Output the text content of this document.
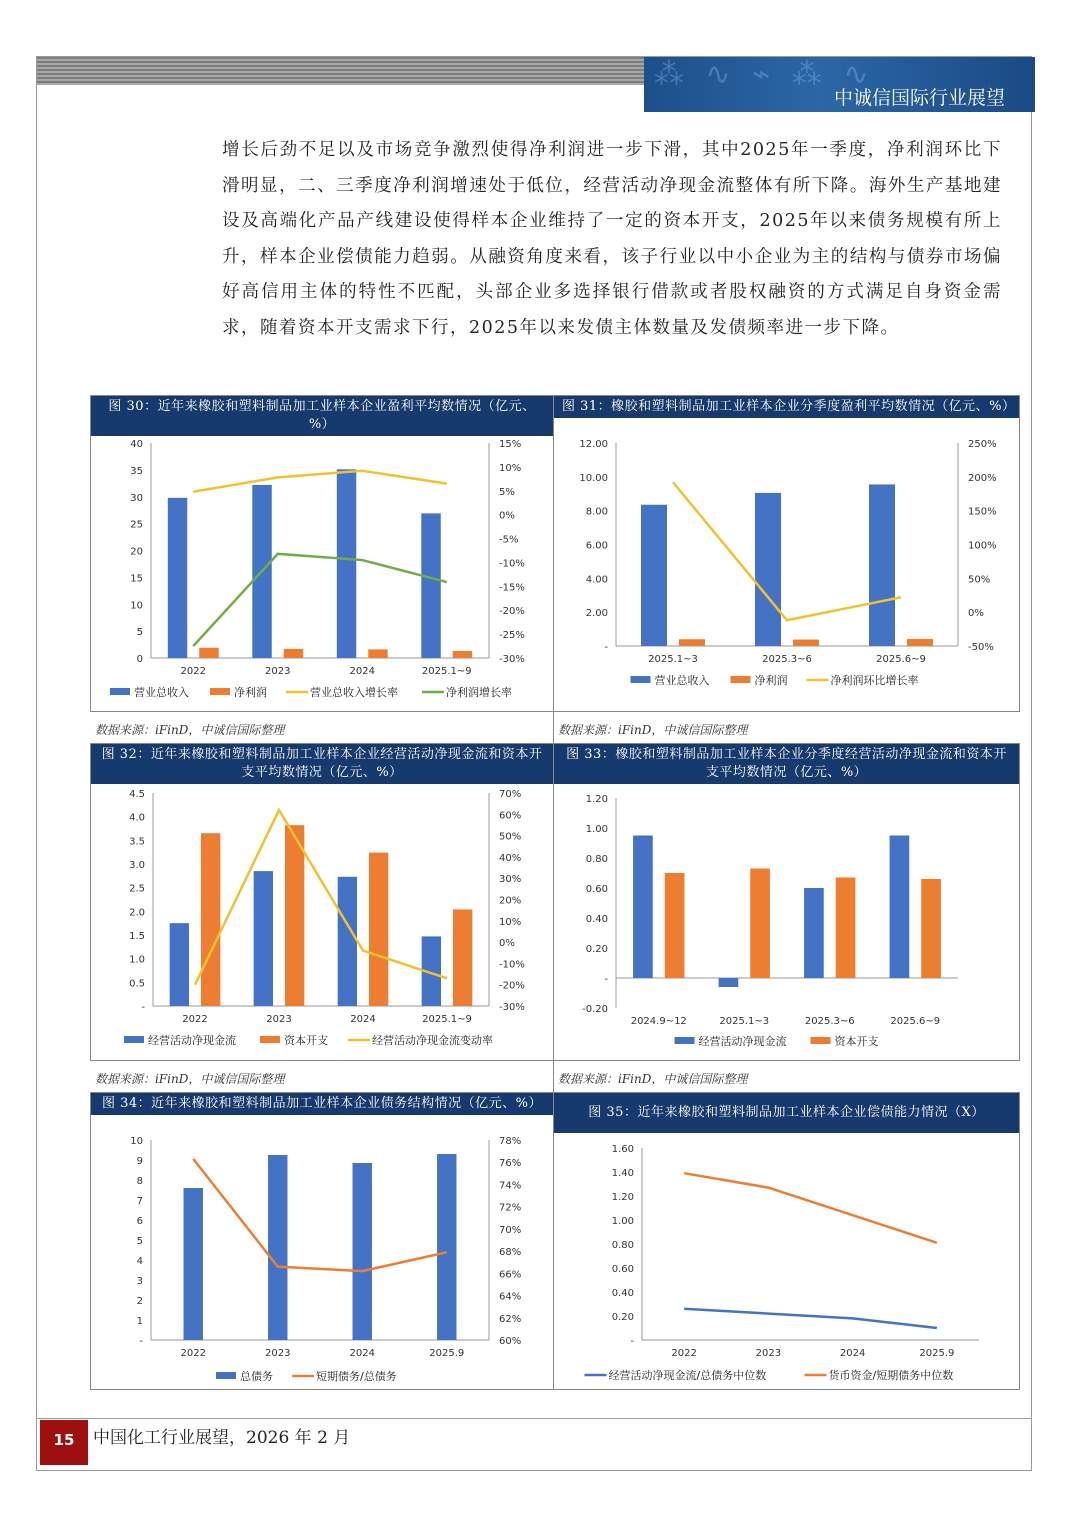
⁂ ∿ ⌁ ⁂ ∿
中诚信国际行业展望
增长后劲不足以及市场竞争激烈使得净利润进一步下滑，其中2025年一季度，净利润环比下滑明显，二、三季度净利润增速处于低位，经营活动净现金流整体有所下降。海外生产基地建设及高端化产品产线建设使得样本企业维持了一定的资本开支，2025年以来债务规模有所上升，样本企业偿债能力趋弱。从融资角度来看，该子行业以中小企业为主的结构与债券市场偏好高信用主体的特性不匹配，头部企业多选择银行借款或者股权融资的方式满足自身资金需求，随着资本开支需求下行，2025年以来发债主体数量及发债频率进一步下降。
图 30：近年来橡胶和塑料制品加工业样本企业盈利平均数情况（亿元、%）
0
5
10
15
20
25
30
35
40
-30%
-25%
-20%
-15%
-10%
-5%
0%
5%
10%
15%
2022	2023	2024	2025.1~9
营业总收入	净利润	营业总收入增长率	净利润增长率
数据来源：iFinD，中诚信国际整理
图 31：橡胶和塑料制品加工业样本企业分季度盈利平均数情况（亿元、%）
-
2.00
4.00
6.00
8.00
10.00
12.00
-50%
0%
50%
100%
150%
200%
250%
2025.1~3	2025.3~6	2025.6~9
营业总收入	净利润	净利润环比增长率
数据来源：iFinD，中诚信国际整理
图 32：近年来橡胶和塑料制品加工业样本企业经营活动净现金流和资本开支平均数情况（亿元、%）
-
0.5
1.0
1.5
2.0
2.5
3.0
3.5
4.0
4.5
-30%
-20%
-10%
0%
10%
20%
30%
40%
50%
60%
70%
2022	2023	2024	2025.1~9
经营活动净现金流	资本开支	经营活动净现金流变动率
数据来源：iFinD，中诚信国际整理
图 33：橡胶和塑料制品加工业样本企业分季度经营活动净现金流和资本开支平均数情况（亿元、%）
-0.20
-
0.20
0.40
0.60
0.80
1.00
1.20
2024.9~12	2025.1~3	2025.3~6	2025.6~9
经营活动净现金流	资本开支
数据来源：iFinD，中诚信国际整理
图 34：近年来橡胶和塑料制品加工业样本企业债务结构情况（亿元、%）
-
1
2
3
4
5
6
7
8
9
10
60%
62%
64%
66%
68%
70%
72%
74%
76%
78%
2022	2023	2024	2025.9
总债务	短期债务/总债务
图 35：近年来橡胶和塑料制品加工业样本企业偿债能力情况（X）
-
0.20
0.40
0.60
0.80
1.00
1.20
1.40
1.60
2022	2023	2024	2025.9
经营活动净现金流/总债务中位数	货币资金/短期债务中位数
15	中国化工行业展望，2026 年 2 月
